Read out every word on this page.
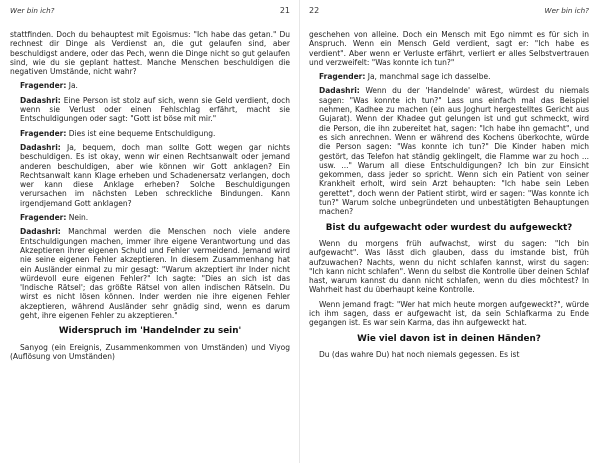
Wer bin ich?	21

stattfinden. Doch du behauptest mit Egoismus: "Ich habe das getan." Du rechnest dir Dinge als Verdienst an, die gut gelaufen sind, aber beschuldigst andere, oder das Pech, wenn die Dinge nicht so gut gelaufen sind, wie du sie geplant hattest. Manche Menschen beschuldigen die negativen Umstände, nicht wahr?

Fragender: Ja.

Dadashri: Eine Person ist stolz auf sich, wenn sie Geld verdient, doch wenn sie Verlust oder einen Fehlschlag erfährt, macht sie Entschuldigungen oder sagt: "Gott ist böse mit mir."

Fragender: Dies ist eine bequeme Entschuldigung.

Dadashri: Ja, bequem, doch man sollte Gott wegen gar nichts beschuldigen. Es ist okay, wenn wir einen Rechtsanwalt oder jemand anderen beschuldigen, aber wie können wir Gott anklagen? Ein Rechtsanwalt kann Klage erheben und Schadenersatz verlangen, doch wer kann diese Anklage erheben? Solche Beschuldigungen verursachen im nächsten Leben schreckliche Bindungen. Kann irgendjemand Gott anklagen?

Fragender: Nein.

Dadashri: Manchmal werden die Menschen noch viele andere Entschuldigungen machen, immer ihre eigene Verantwortung und das Akzeptieren ihrer eigenen Schuld und Fehler vermeidend. Jemand wird nie seine eigenen Fehler akzeptieren. In diesem Zusammenhang hat ein Ausländer einmal zu mir gesagt: "Warum akzeptiert ihr Inder nicht würdevoll eure eigenen Fehler?" Ich sagte: "Dies an sich ist das 'Indische Rätsel'; das größte Rätsel von allen indischen Rätseln. Du wirst es nicht lösen können. Inder werden nie ihre eigenen Fehler akzeptieren, während Ausländer sehr gnädig sind, wenn es darum geht, ihre eigenen Fehler zu akzeptieren."

Widerspruch im 'Handelnder zu sein'

Sanyog (ein Ereignis, Zusammenkommen von Umständen) und Viyog (Auflösung von Umständen)

22	Wer bin ich?

geschehen von alleine. Doch ein Mensch mit Ego nimmt es für sich in Anspruch. Wenn ein Mensch Geld verdient, sagt er: "Ich habe es verdient". Aber wenn er Verluste erfährt, verliert er alles Selbstvertrauen und verzweifelt: "Was konnte ich tun?"

Fragender: Ja, manchmal sage ich dasselbe.

Dadashri: Wenn du der 'Handelnde' wärest, würdest du niemals sagen: "Was konnte ich tun?" Lass uns einfach mal das Beispiel nehmen, Kadhee zu machen (ein aus Joghurt hergestelltes Gericht aus Gujarat). Wenn der Khadee gut gelungen ist und gut schmeckt, wird die Person, die ihn zubereitet hat, sagen: "Ich habe ihn gemacht", und es sich anrechnen. Wenn er während des Kochens überkochte, würde die Person sagen: "Was konnte ich tun?" Die Kinder haben mich gestört, das Telefon hat ständig geklingelt, die Flamme war zu hoch ... usw. ..." Warum all diese Entschuldigungen? Ich bin zur Einsicht gekommen, dass jeder so spricht. Wenn sich ein Patient von seiner Krankheit erholt, wird sein Arzt behaupten: "Ich habe sein Leben gerettet", doch wenn der Patient stirbt, wird er sagen: "Was konnte ich tun?" Warum solche unbegründeten und unbestätigten Behauptungen machen?

Bist du aufgewacht oder wurdest du aufgeweckt?

Wenn du morgens früh aufwachst, wirst du sagen: "Ich bin aufgewacht". Was lässt dich glauben, dass du imstande bist, früh aufzuwachen? Nachts, wenn du nicht schlafen kannst, wirst du sagen: "Ich kann nicht schlafen". Wenn du selbst die Kontrolle über deinen Schlaf hast, warum kannst du dann nicht schlafen, wenn du dies möchtest? In Wahrheit hast du überhaupt keine Kontrolle.

Wenn jemand fragt: "Wer hat mich heute morgen aufgeweckt?", würde ich ihm sagen, dass er aufgewacht ist, da sein Schlafkarma zu Ende gegangen ist. Es war sein Karma, das ihn aufgeweckt hat.

Wie viel davon ist in deinen Händen?

Du (das wahre Du) hat noch niemals gegessen. Es ist
